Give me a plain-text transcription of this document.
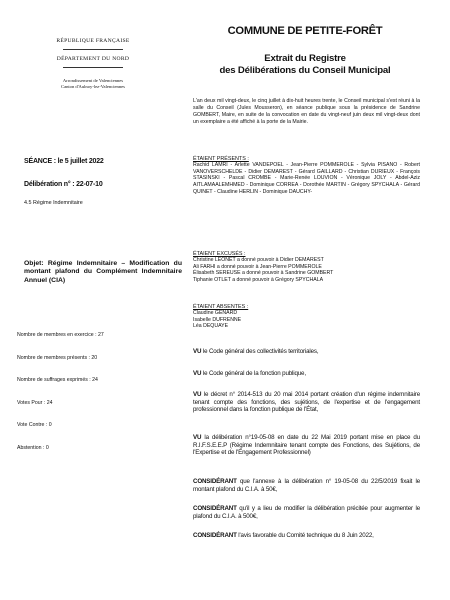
RÉPUBLIQUE FRANÇAISE
DÉPARTEMENT DU NORD
Arrondissement de Valenciennes
Canton d'Aulnoy-lez-Valenciennes
COMMUNE DE PETITE-FORÊT
Extrait du Registre
des Délibérations du Conseil Municipal
L'an deux mil vingt-deux, le cinq juillet à dix-huit heures trente, le Conseil municipal s'est réuni à la salle du Conseil (Jules Mousseron), en séance publique sous la présidence de Sandrine GOMBERT, Maire, en suite de la convocation en date du vingt-neuf juin deux mil vingt-deux dont un exemplaire a été affiché à la porte de la Mairie.
SÉANCE : le 5 juillet 2022
Délibération n° : 22-07-10
4.5 Régime Indemnitaire
ÉTAIENT PRÉSENTS :
Rachid LAMRI - Arlette VANDEPOEL - Jean-Pierre POMMEROLE - Sylvia PISANO - Robert VANOVERSCHELDE - Didier DEMAREST - Gérard GAILLARD - Christian DURIEUX - François STASINSKI - Pascal CROMBE - Marie-Renée LOUVION - Véronique JOLY - Abdel-Aziz AITLAMAALEMHMED - Dominique CORREA - Dorothée MARTIN - Grégory SPYCHALA - Gérard QUINET - Claudine HERLIN - Dominique DAUCHY-
ÉTAIENT EXCUSÉS :
Christine LEONET a donné pouvoir à Didier DEMAREST
Ali FARHI a donné pouvoir à Jean-Pierre POMMEROLE
Élisabeth SEREUSE a donné pouvoir à Sandrine GOMBERT
Tiphanie OTLET a donné pouvoir à Grégory SPYCHALA
Objet: Régime Indemnitaire – Modification du montant plafond du Complément Indemnitaire Annuel (CIA)
ÉTAIENT ABSENTES :
Claudine GENARD
Isabelle DUFRENNE
Léa DEQUAYE
Nombre de membres en exercice : 27
Nombre de membres présents : 20
Nombre de suffrages exprimés : 24
Votes Pour : 24
Vote Contre : 0
Abstention : 0
VU le Code général des collectivités territoriales,
VU le Code général de la fonction publique,
VU le décret n° 2014-513 du 20 mai 2014 portant création d'un régime indemnitaire tenant compte des fonctions, des sujétions, de l'expertise et de l'engagement professionnel dans la fonction publique de l'État,
VU la délibération n°19-05-08 en date du 22 Mai 2019 portant mise en place du R.I.F.S.E.E.P (Régime Indemnitaire tenant compte des Fonctions, des Sujétions, de l'Expertise et de l'Engagement Professionnel)
CONSIDÉRANT que l'annexe à la délibération n° 19-05-08 du 22/5/2019 fixait le montant plafond du C.I.A. à 50€,
CONSIDÉRANT qu'il y a lieu de modifier la délibération précitée pour augmenter le plafond du C.I.A. à 500€,
CONSIDÉRANT l'avis favorable du Comité technique du 8 Juin 2022,
